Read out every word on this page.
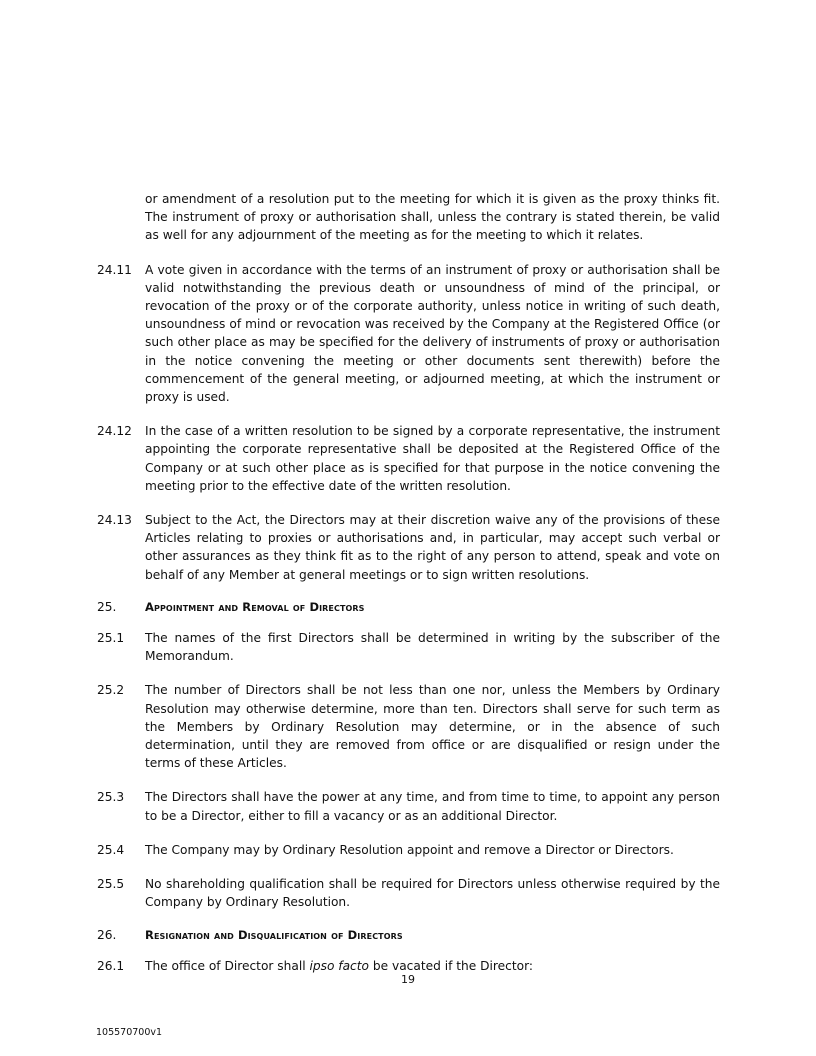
or amendment of a resolution put to the meeting for which it is given as the proxy thinks fit. The instrument of proxy or authorisation shall, unless the contrary is stated therein, be valid as well for any adjournment of the meeting as for the meeting to which it relates.
24.11	A vote given in accordance with the terms of an instrument of proxy or authorisation shall be valid notwithstanding the previous death or unsoundness of mind of the principal, or revocation of the proxy or of the corporate authority, unless notice in writing of such death, unsoundness of mind or revocation was received by the Company at the Registered Office (or such other place as may be specified for the delivery of instruments of proxy or authorisation in the notice convening the meeting or other documents sent therewith) before the commencement of the general meeting, or adjourned meeting, at which the instrument or proxy is used.
24.12	In the case of a written resolution to be signed by a corporate representative, the instrument appointing the corporate representative shall be deposited at the Registered Office of the Company or at such other place as is specified for that purpose in the notice convening the meeting prior to the effective date of the written resolution.
24.13	Subject to the Act, the Directors may at their discretion waive any of the provisions of these Articles relating to proxies or authorisations and, in particular, may accept such verbal or other assurances as they think fit as to the right of any person to attend, speak and vote on behalf of any Member at general meetings or to sign written resolutions.
25.	Appointment and Removal of Directors
25.1	The names of the first Directors shall be determined in writing by the subscriber of the Memorandum.
25.2	The number of Directors shall be not less than one nor, unless the Members by Ordinary Resolution may otherwise determine, more than ten. Directors shall serve for such term as the Members by Ordinary Resolution may determine, or in the absence of such determination, until they are removed from office or are disqualified or resign under the terms of these Articles.
25.3	The Directors shall have the power at any time, and from time to time, to appoint any person to be a Director, either to fill a vacancy or as an additional Director.
25.4	The Company may by Ordinary Resolution appoint and remove a Director or Directors.
25.5	No shareholding qualification shall be required for Directors unless otherwise required by the Company by Ordinary Resolution.
26.	Resignation and Disqualification of Directors
26.1	The office of Director shall ipso facto be vacated if the Director:
19
105570700v1
